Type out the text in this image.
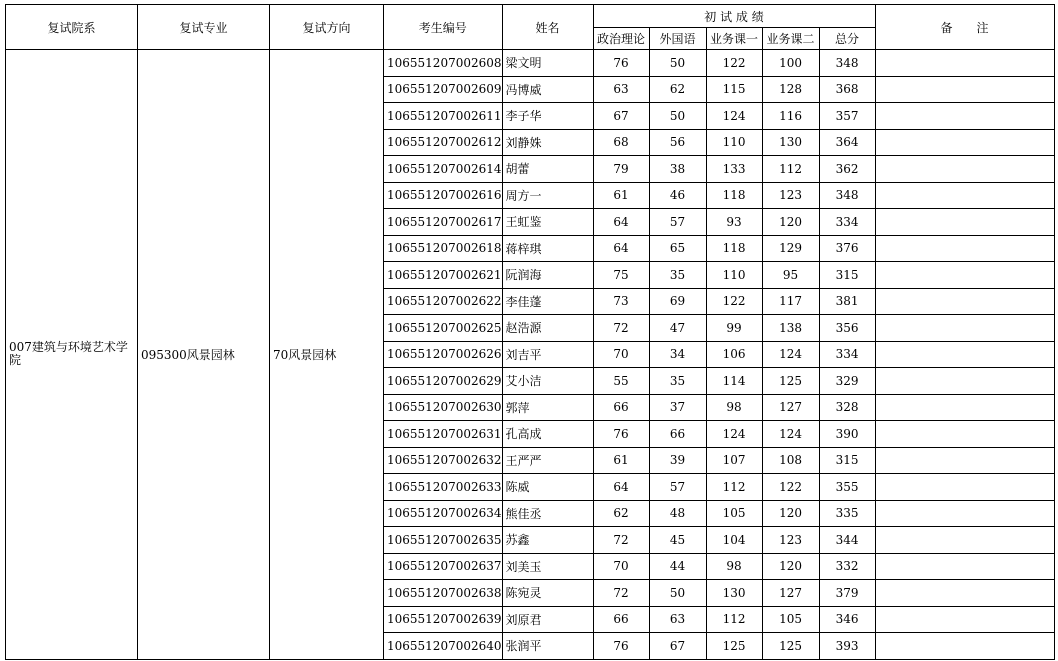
复试院系	复试专业	复试方向	考生编号	姓名	初 试 成 绩					备　　注
					政治理论	外国语	业务课一	业务课二	总分	
007建筑与环境艺术学院	095300风景园林	70风景园林	106551207002608	梁文明	76	50	122	100	348	
			106551207002609	冯博威	63	62	115	128	368	
			106551207002611	李子华	67	50	124	116	357	
			106551207002612	刘静姝	68	56	110	130	364	
			106551207002614	胡蕾	79	38	133	112	362	
			106551207002616	周方一	61	46	118	123	348	
			106551207002617	王虹鉴	64	57	93	120	334	
			106551207002618	蒋梓琪	64	65	118	129	376	
			106551207002621	阮润海	75	35	110	95	315	
			106551207002622	李佳蓬	73	69	122	117	381	
			106551207002625	赵浩源	72	47	99	138	356	
			106551207002626	刘吉平	70	34	106	124	334	
			106551207002629	艾小洁	55	35	114	125	329	
			106551207002630	郭萍	66	37	98	127	328	
			106551207002631	孔高成	76	66	124	124	390	
			106551207002632	王严严	61	39	107	108	315	
			106551207002633	陈威	64	57	112	122	355	
			106551207002634	熊佳丞	62	48	105	120	335	
			106551207002635	苏鑫	72	45	104	123	344	
			106551207002637	刘美玉	70	44	98	120	332	
			106551207002638	陈宛灵	72	50	130	127	379	
			106551207002639	刘原君	66	63	112	105	346	
			106551207002640	张润平	76	67	125	125	393	
